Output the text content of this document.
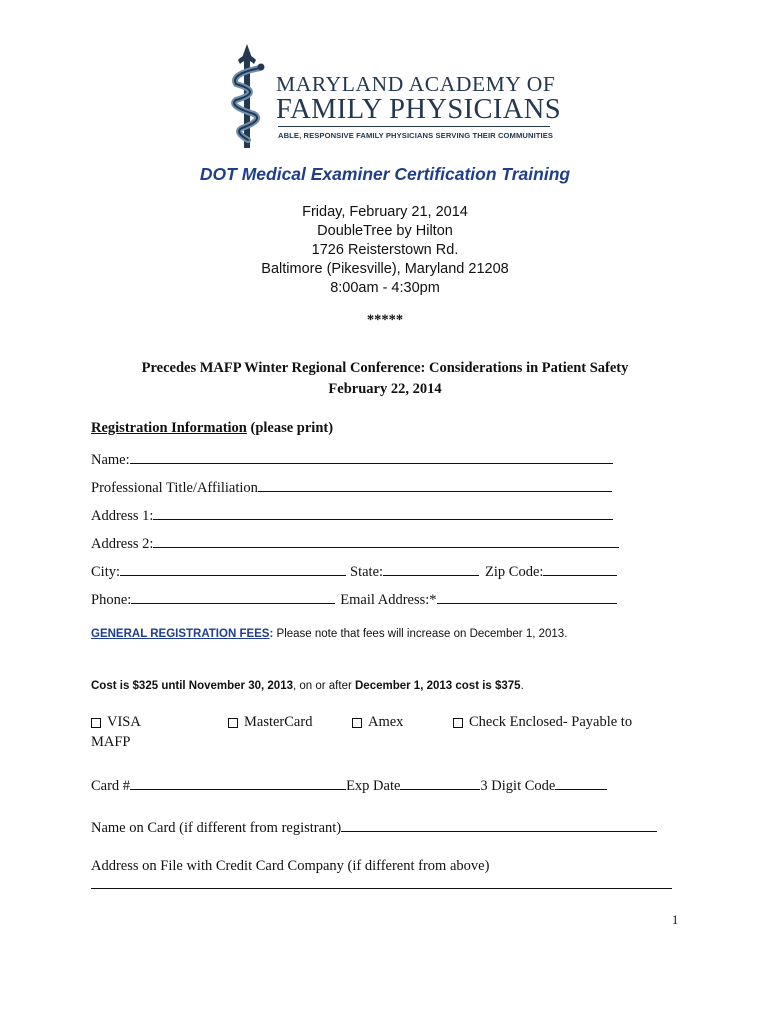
MARYLAND ACADEMY OF
FAMILY PHYSICIANS
ABLE, RESPONSIVE FAMILY PHYSICIANS SERVING THEIR COMMUNITIES
DOT Medical Examiner Certification Training
Friday, February 21, 2014
DoubleTree by Hilton
1726 Reisterstown Rd.
Baltimore (Pikesville), Maryland 21208
8:00am - 4:30pm
*****
Precedes MAFP Winter Regional Conference: Considerations in Patient Safety
February 22, 2014
Registration Information (please print)
Name:
Professional Title/Affiliation
Address 1:
Address 2:
City:	State:	Zip Code:
Phone:	Email Address:*
GENERAL REGISTRATION FEES: Please note that fees will increase on December 1, 2013.
Cost is $325 until November 30, 2013, on or after December 1, 2013 cost is $375.
VISA	MasterCard	Amex	Check Enclosed- Payable to
MAFP
Card #	Exp Date	3 Digit Code
Name on Card (if different from registrant)
Address on File with Credit Card Company (if different from above)
1
